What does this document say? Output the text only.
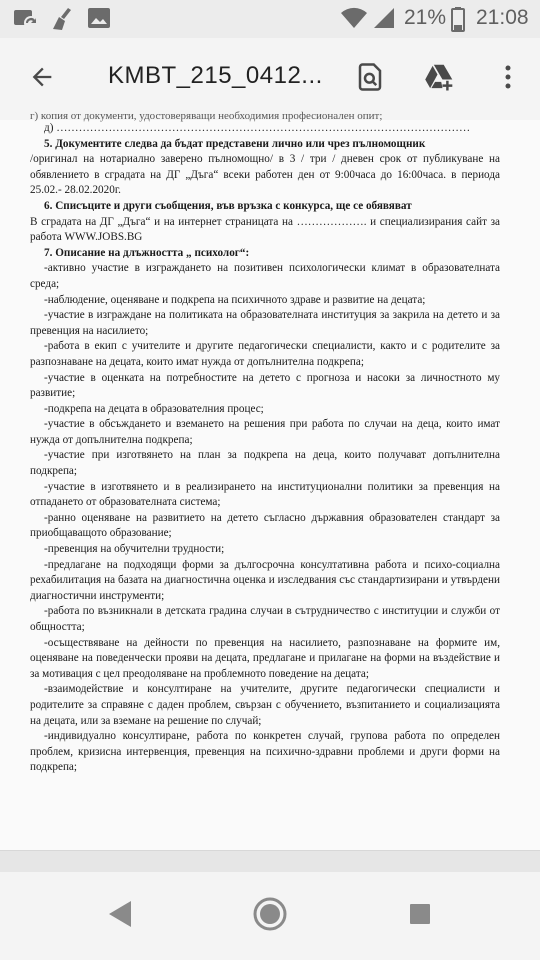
21% 21:08
KMBT_215_0412...

г) копия от документи, удостоверяващи необходимия професионален опит;

д) …………………………………………………………………………………………………

5. Документите следва да бъдат представени лично или чрез пълномощник

/оригинал на нотариално заверено пълномощно/ в 3 / три / дневен срок от публикуване на обявлението в сградата на ДГ „Дъга“ всеки работен ден от 9:00часа до 16:00часа. в периода 25.02.- 28.02.2020г.

6. Списъците и други съобщения, във връзка с конкурса, ще се обявяват

В сградата на ДГ „Дъга“ и на интернет страницата на ………………. и специализирания сайт за работа WWW.JOBS.BG

7. Описание на длъжността „ психолог“:

-активно участие в изграждането на позитивен психологически климат в образователната среда;

-наблюдение, оценяване и подкрепа на психичното здраве и развитие на децата;

-участие в изграждане на политиката на образователната институция за закрила на детето и за превенция на насилието;

-работа в екип с учителите и другите педагогически специалисти, както и с родителите за разпознаване на децата, които имат нужда от допълнителна подкрепа;

-участие в оценката на потребностите на детето с прогноза и насоки за личностното му развитие;

-подкрепа на децата в образователния процес;

-участие в обсъждането и вземането на решения при работа по случаи на деца, които имат нужда от допълнителна подкрепа;

-участие при изготвянето на план за подкрепа на деца, които получават допълнителна подкрепа;

-участие в изготвянето и в реализирането на институционални политики за превенция на отпадането от образователната система;

-ранно оценяване на развитието на детето съгласно държавния образователен стандарт за приобщаващото образование;

-превенция на обучителни трудности;

-предлагане на подходящи форми за дългосрочна консултативна работа и психо-социална рехабилитация на базата на диагностична оценка и изследвания със стандартизирани и утвърдени диагностични инструменти;

-работа по възникнали в детската градина случаи в сътрудничество с институции и служби от общността;

-осъществяване на дейности по превенция на насилието, разпознаване на формите им, оценяване на поведенчески прояви на децата, предлагане и прилагане на форми на въздействие и за мотивация с цел преодоляване на проблемното поведение на децата;

-взаимодействие и консултиране на учителите, другите педагогически специалисти и родителите за справяне с даден проблем, свързан с обучението, възпитанието и социализацията на децата, или за вземане на решение по случай;

-индивидуално консултиране, работа по конкретен случай, групова работа по определен проблем, кризисна интервенция, превенция на психично-здравни проблеми и други форми на подкрепа;
